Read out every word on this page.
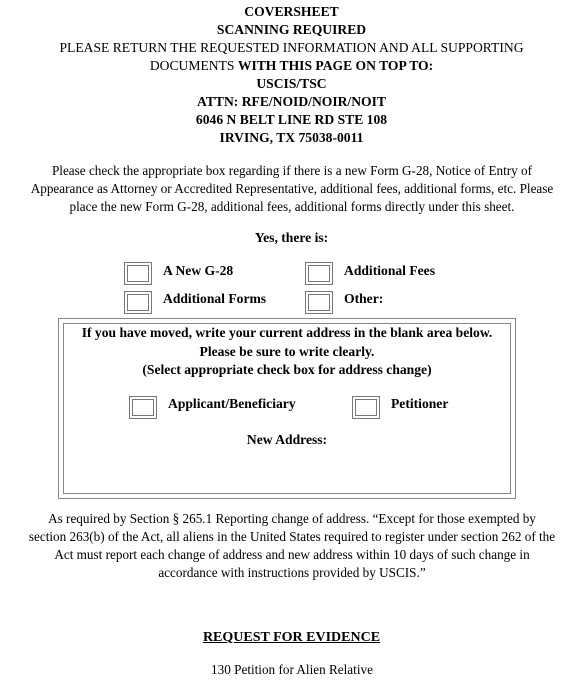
COVERSHEET
SCANNING REQUIRED
PLEASE RETURN THE REQUESTED INFORMATION AND ALL SUPPORTING
DOCUMENTS WITH THIS PAGE ON TOP TO:
USCIS/TSC
ATTN: RFE/NOID/NOIR/NOIT
6046 N BELT LINE RD STE 108
IRVING, TX 75038-0011
Please check the appropriate box regarding if there is a new Form G-28, Notice of Entry of
Appearance as Attorney or Accredited Representative, additional fees, additional forms, etc. Please
place the new Form G-28, additional fees, additional forms directly under this sheet.
Yes, there is:
A New G-28	Additional Fees
Additional Forms	Other:
If you have moved, write your current address in the blank area below.
Please be sure to write clearly.
(Select appropriate check box for address change)
Applicant/Beneficiary	Petitioner
New Address:
As required by Section § 265.1 Reporting change of address. “Except for those exempted by
section 263(b) of the Act, all aliens in the United States required to register under section 262 of the
Act must report each change of address and new address within 10 days of such change in
accordance with instructions provided by USCIS.”
REQUEST FOR EVIDENCE
130 Petition for Alien Relative
